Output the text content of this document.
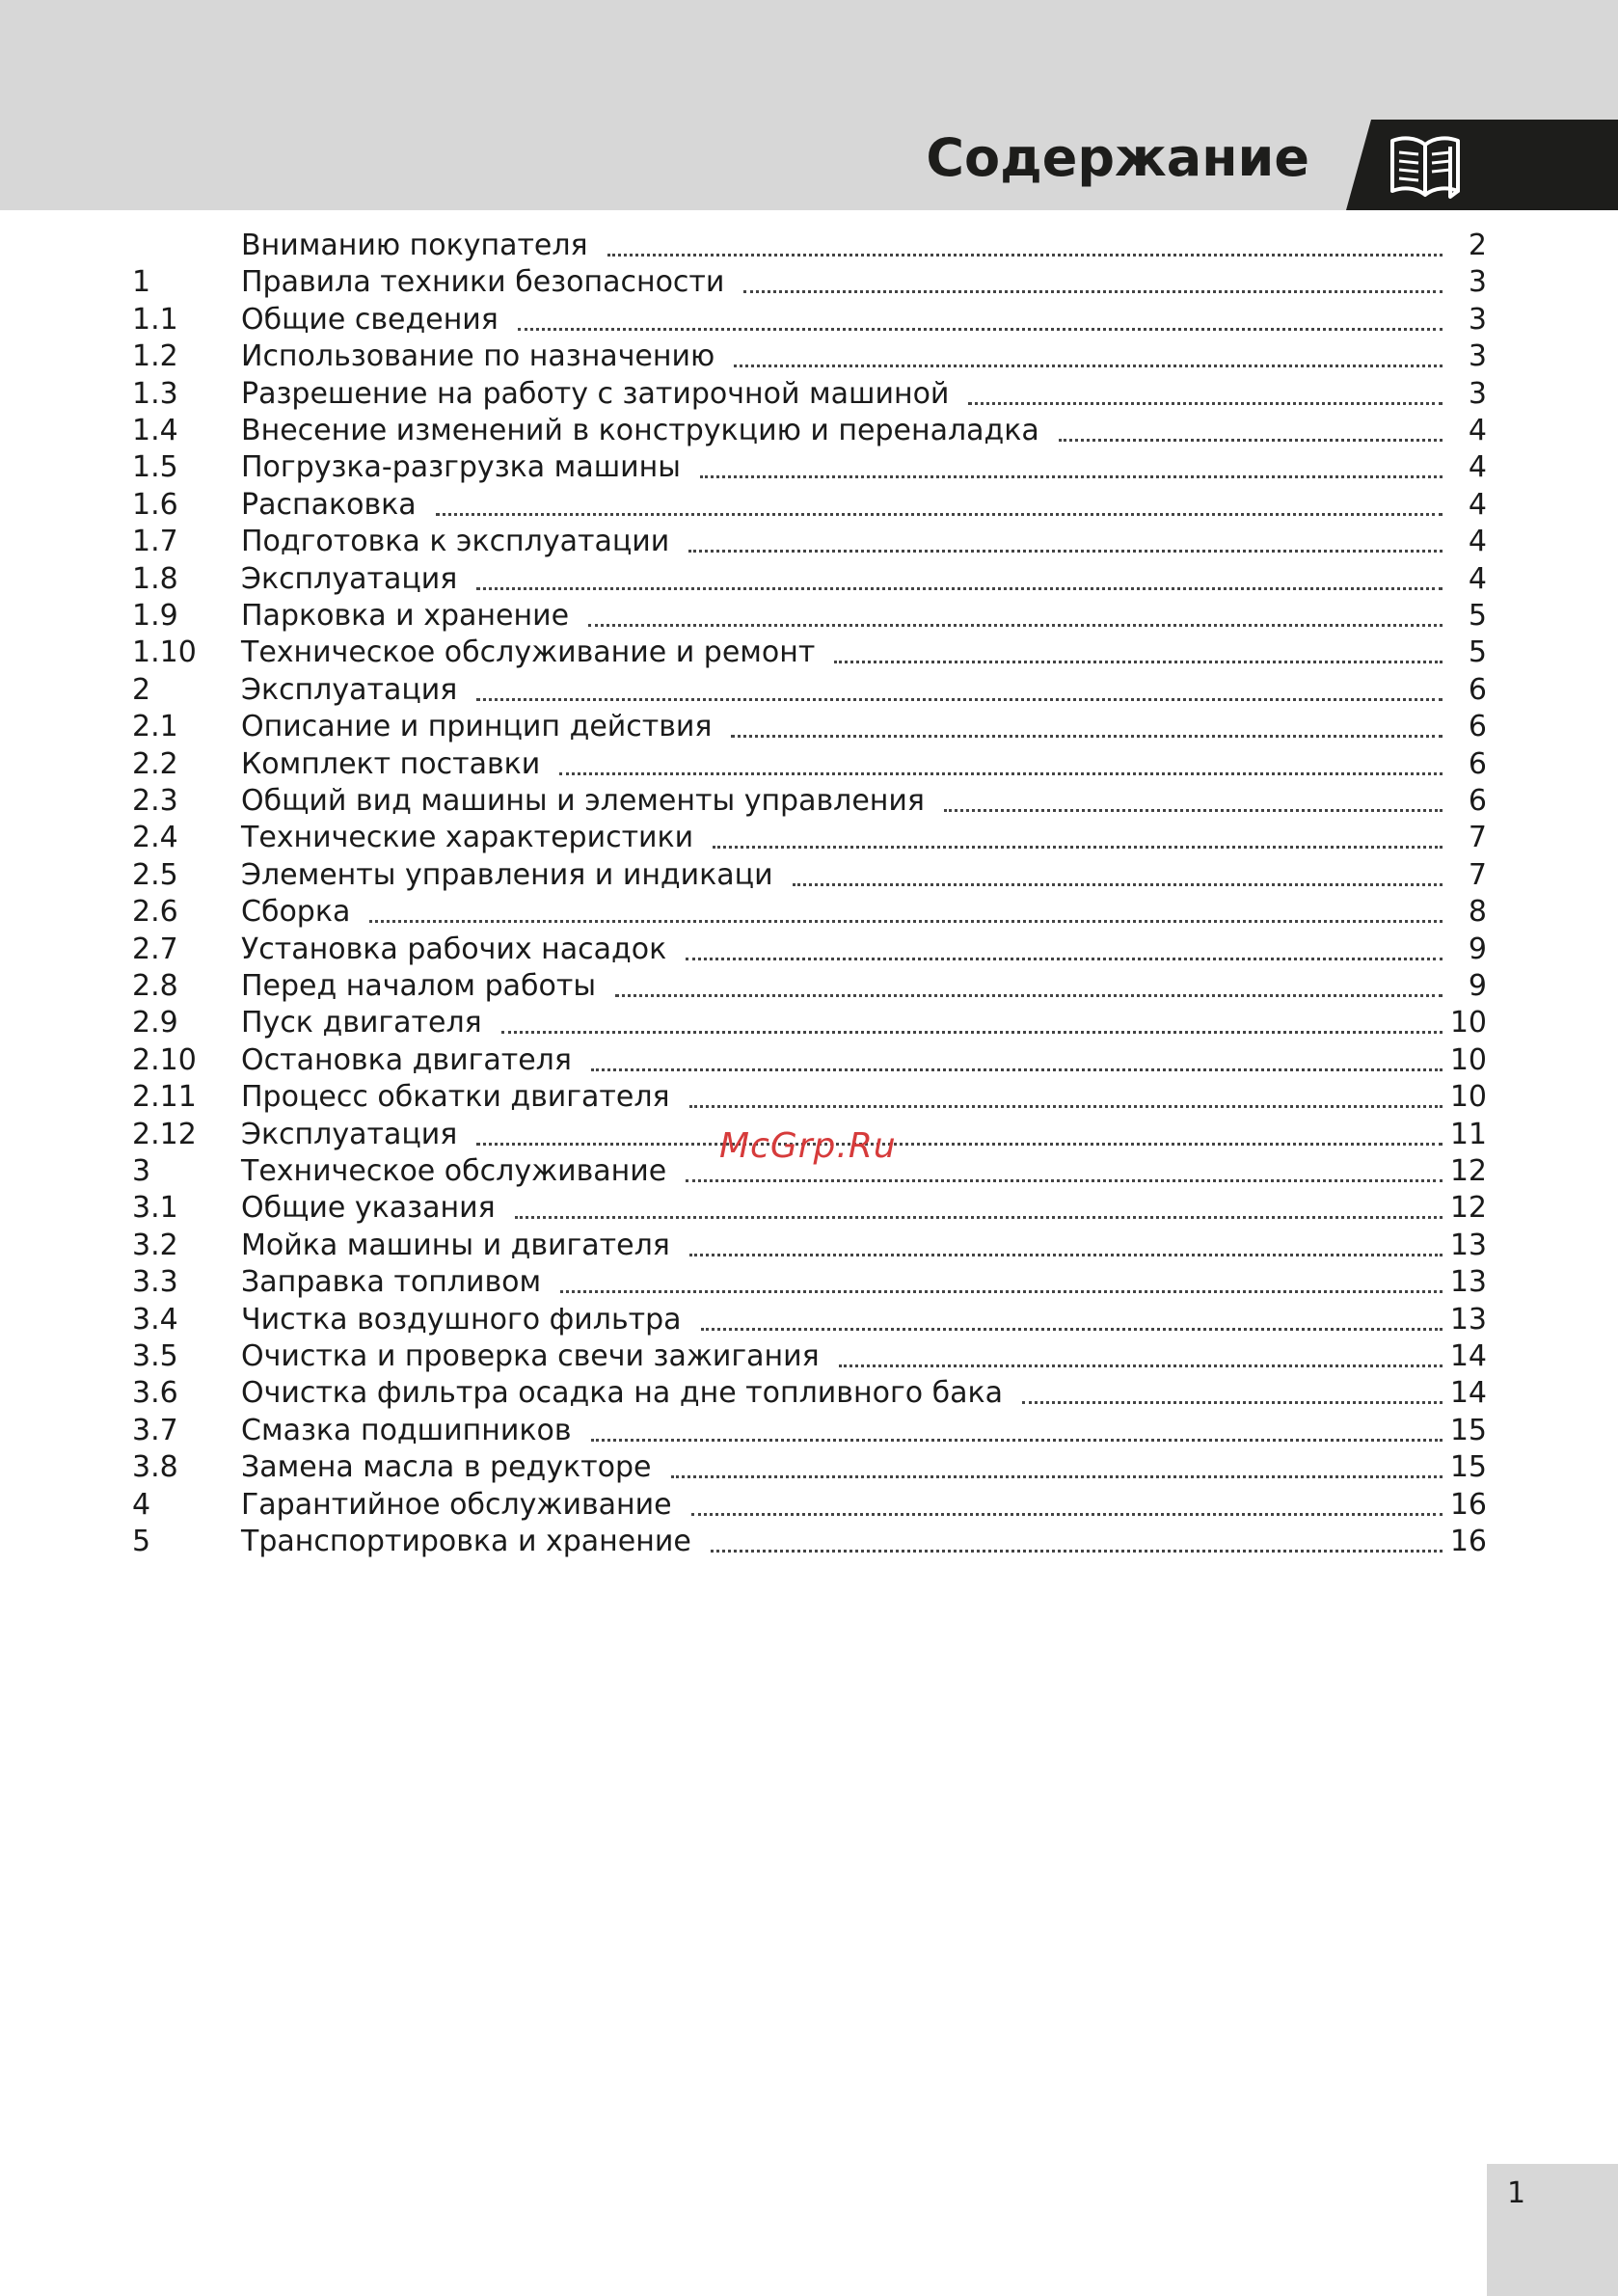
Содержание
Вниманию покупателя	2
1	Правила техники безопасности	3
1.1 Общие сведения	3
1.2 Использование по назначению	3
1.3 Разрешение на работу с затирочной машиной	3
1.4 Внесение изменений в конструкцию и переналадка	4
1.5 Погрузка-разгрузка машины	4
1.6 Распаковка	4
1.7 Подготовка к эксплуатации	4
1.8 Эксплуатация	4
1.9 Парковка и хранение	5
1.10 Техническое обслуживание и ремонт	5
2	Эксплуатация	6
2.1 Описание и принцип действия	6
2.2 Комплект поставки	6
2.3 Общий вид машины и элементы управления	6
2.4 Технические характеристики	7
2.5 Элементы управления и индикаци	7
2.6 Сборка	8
2.7 Установка рабочих насадок	9
2.8 Перед началом работы	9
2.9 Пуск двигателя	10
2.10 Остановка двигателя	10
2.11 Процесс обкатки двигателя	10
2.12 Эксплуатация	11
3	Техническое обслуживание	12
3.1 Общие указания	12
3.2 Мойка машины и двигателя	13
3.3 Заправка топливом	13
3.4 Чистка воздушного фильтра	13
3.5 Очистка и проверка свечи зажигания	14
3.6 Очистка фильтра осадка на дне топливного бака	14
3.7 Смазка подшипников	15
3.8 Замена масла в редукторе	15
4	Гарантийное обслуживание	16
5	Транспортировка и хранение	16
McGrp.Ru
1
